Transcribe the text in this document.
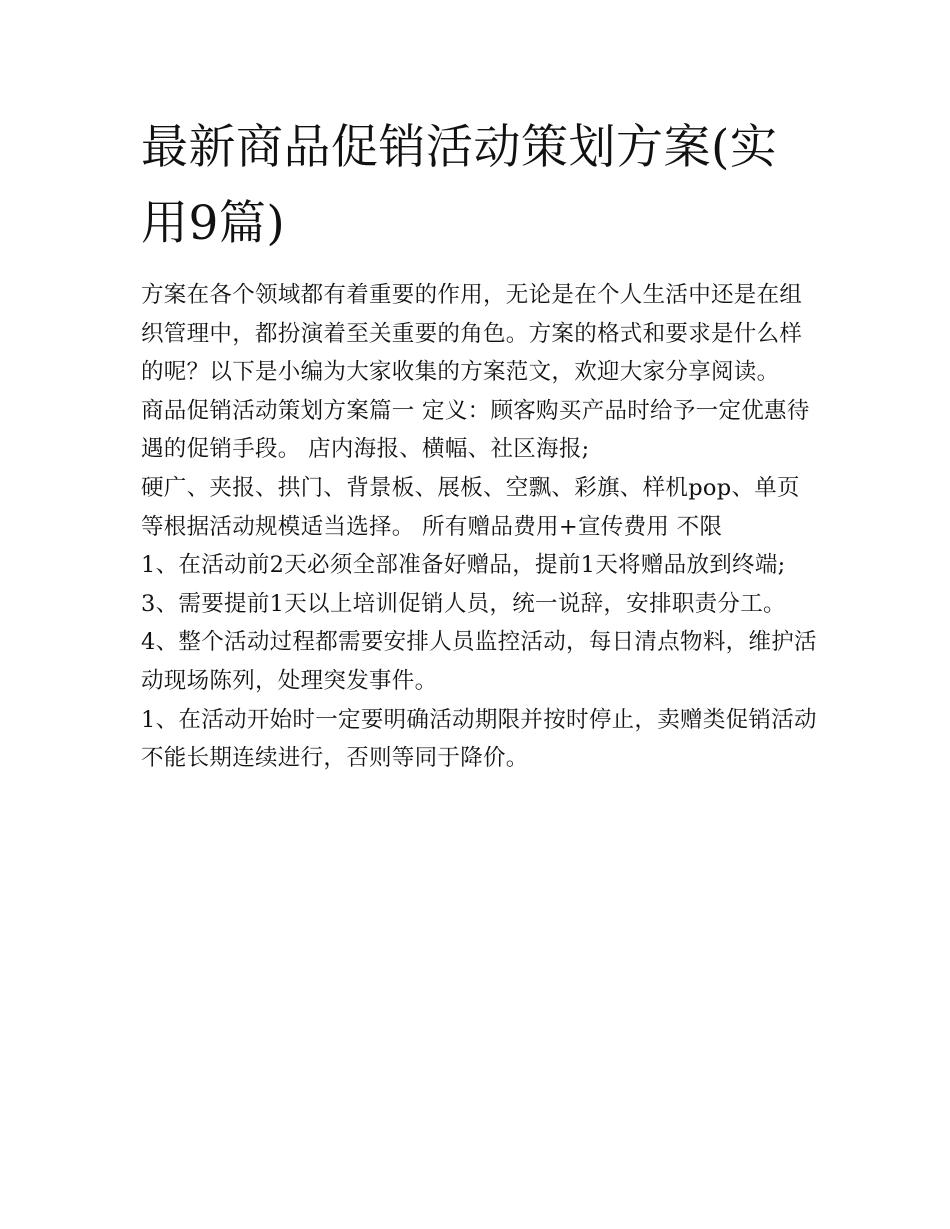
最新商品促销活动策划方案(实用9篇)

方案在各个领域都有着重要的作用，无论是在个人生活中还是在组织管理中，都扮演着至关重要的角色。方案的格式和要求是什么样的呢？以下是小编为大家收集的方案范文，欢迎大家分享阅读。

商品促销活动策划方案篇一 定义：顾客购买产品时给予一定优惠待遇的促销手段。 店内海报、横幅、社区海报;

硬广、夹报、拱门、背景板、展板、空飘、彩旗、样机pop、单页等根据活动规模适当选择。 所有赠品费用+宣传费用 不限

1、在活动前2天必须全部准备好赠品，提前1天将赠品放到终端; 3、需要提前1天以上培训促销人员，统一说辞，安排职责分工。

4、整个活动过程都需要安排人员监控活动，每日清点物料，维护活动现场陈列，处理突发事件。

1、在活动开始时一定要明确活动期限并按时停止，卖赠类促销活动不能长期连续进行，否则等同于降价。
